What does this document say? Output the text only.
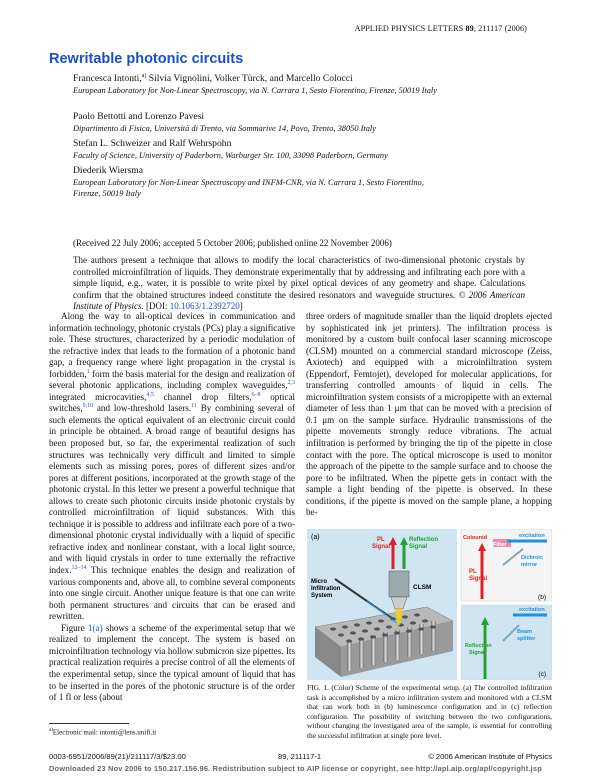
APPLIED PHYSICS LETTERS 89, 211117 (2006)
Rewritable photonic circuits
Francesca Intonti,$^{a)}$ Silvia Vignolini, Volker Türck, and Marcello Colocci
European Laboratory for Non-Linear Spectroscopy, via N. Carrara 1, Sesto Fiorentino, Firenze, 50019 Italy
Paolo Bettotti and Lorenzo Pavesi
Dipartimento di Fisica, Università di Trento, via Sommarive 14, Povo, Trento, 38050 Italy
Stefan L. Schweizer and Ralf Wehrspohn
Faculty of Science, University of Paderborn, Warburger Str. 100, 33098 Paderborn, Germany
Diederik Wiersma
European Laboratory for Non-Linear Spectroscopy and INFM-CNR, via N. Carrara 1, Sesto Fiorentino, Firenze, 50019 Italy
(Received 22 July 2006; accepted 5 October 2006; published online 22 November 2006)
The authors present a technique that allows to modify the local characteristics of two-dimensional photonic crystals by controlled microinfiltration of liquids. They demonstrate experimentally that by addressing and infiltrating each pore with a simple liquid, e.g., water, it is possible to write pixel by pixel optical devices of any geometry and shape. Calculations confirm that the obtained structures indeed constitute the desired resonators and waveguide structures. © 2006 American Institute of Physics. [DOI: 10.1063/1.2392720]

Along the way to all-optical devices in communication and information technology, photonic crystals (PCs) play a significative role. These structures, characterized by a periodic modulation of the refractive index that leads to the formation of a photonic band gap, a frequency range where light propagation in the crystal is forbidden,$^1$ form the basis material for the design and realization of several photonic applications, including complex waveguides,$^{2,3}$ integrated microcavities,$^{4,5}$ channel drop filters,$^{6-8}$ optical switches,$^{9,10}$ and low-threshold lasers.$^{11}$ By combining several of such elements the optical equivalent of an electronic circuit could in principle be obtained. A broad range of beautiful designs has been proposed but, so far, the experimental realization of such structures was technically very difficult and limited to simple elements such as missing pores, pores of different sizes and/or pores at different positions, incorporated at the growth stage of the photonic crystal. In this letter we present a powerful technique that allows to create such photonic circuits inside photonic crystals by controlled microinfiltration of liquid substances. With this technique it is possible to address and infiltrate each pore of a two-dimensional photonic crystal individually with a liquid of specific refractive index and nonlinear constant, with a local light source, and with liquid crystals in order to tune externally the refractive index.$^{12-14}$ This technique enables the design and realization of various components and, above all, to combine several components into one single circuit. Another unique feature is that one can write both permanent structures and circuits that can be erased and rewritten.

Figure 1(a) shows a scheme of the experimental setup that we realized to implement the concept. The system is based on microinfiltration technology via hollow submicron size pipettes. Its practical realization requires a precise control of all the elements of the experimental setup, since the typical amount of liquid that has to be inserted in the pores of the photonic structure is of the order of 1 fl or less (about

three orders of magnitude smaller than the liquid droplets ejected by sophisticated ink jet printers). The infiltration process is monitored by a custom built confocal laser scanning microscope (CLSM) mounted on a commercial standard microscope (Zeiss, Axiotech) and equipped with a microinfiltration system (Eppendorf, Femtojet), developed for molecular applications, for transferring controlled amounts of liquid in cells. The microinfiltration system consists of a micropipette with an external diameter of less than 1 μm that can be moved with a precision of 0.1 μm on the sample surface. Hydraulic transmissions of the pipette movements strongly reduce vibrations. The actual infiltration is performed by bringing the tip of the pipette in close contact with the pore. The optical microscope is used to monitor the approach of the pipette to the sample surface and to choose the pore to be infiltrated. When the pipette gets in contact with the sample a light bending of the pipette is observed. In these conditions, if the pipette is moved on the sample plane, a hopping be-

(a)
CLSM
PL
Signal
Reflection
Signal
Micro
Infiltration
System	(b)
Coloured
Filter
PL
Signal
excitation
Dichroic
mirror
(c)
excitation
Beam
splitter
Reflection
Signal
FIG. 1. (Color) Scheme of the experimental setup. (a) The controlled infiltration task is accomplished by a micro infiltration system and monitored with a CLSM that can work both in (b) luminescence configuration and in (c) reflection configuration. The possibility of switching between the two configurations, without changing the investigated area of the sample, is essential for controlling the successful infiltration at single pore level.
$^{a)}$Electronic mail: intonti@lens.unifi.it
0003-6951/2006/89(21)/211117/3/$23.00	89, 211117-1	© 2006 American Institute of Physics
Downloaded 23 Nov 2006 to 150.217.156.96. Redistribution subject to AIP license or copyright, see http://apl.aip.org/apl/copyright.jsp
